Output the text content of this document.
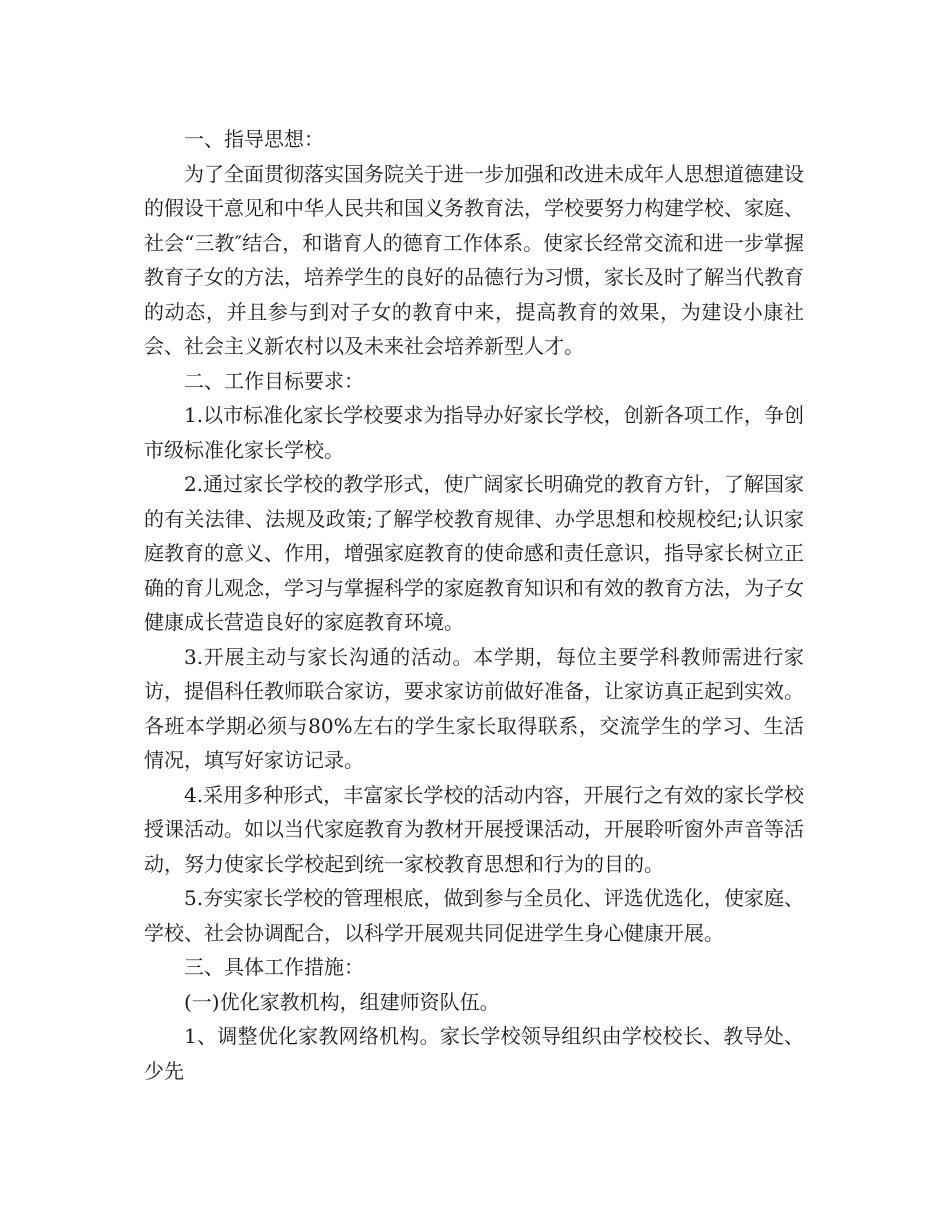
一、指导思想：

为了全面贯彻落实国务院关于进一步加强和改进未成年人思想道德建设的假设干意见和中华人民共和国义务教育法，学校要努力构建学校、家庭、社会“三教″结合，和谐育人的德育工作体系。使家长经常交流和进一步掌握教育子女的方法，培养学生的良好的品德行为习惯，家长及时了解当代教育的动态，并且参与到对子女的教育中来，提高教育的效果，为建设小康社会、社会主义新农村以及未来社会培养新型人才。

二、工作目标要求：

1.以市标准化家长学校要求为指导办好家长学校，创新各项工作，争创市级标准化家长学校。

2.通过家长学校的教学形式，使广阔家长明确党的教育方针，了解国家的有关法律、法规及政策;了解学校教育规律、办学思想和校规校纪;认识家庭教育的意义、作用，增强家庭教育的使命感和责任意识，指导家长树立正确的育儿观念，学习与掌握科学的家庭教育知识和有效的教育方法，为子女健康成长营造良好的家庭教育环境。

3.开展主动与家长沟通的活动。本学期，每位主要学科教师需进行家访，提倡科任教师联合家访，要求家访前做好准备，让家访真正起到实效。各班本学期必须与80%左右的学生家长取得联系，交流学生的学习、生活情况，填写好家访记录。

4.采用多种形式，丰富家长学校的活动内容，开展行之有效的家长学校授课活动。如以当代家庭教育为教材开展授课活动，开展聆听窗外声音等活动，努力使家长学校起到统一家校教育思想和行为的目的。

5.夯实家长学校的管理根底，做到参与全员化、评选优选化，使家庭、学校、社会协调配合，以科学开展观共同促进学生身心健康开展。

三、具体工作措施：

(一)优化家教机构，组建师资队伍。

1、调整优化家教网络机构。家长学校领导组织由学校校长、教导处、少先
